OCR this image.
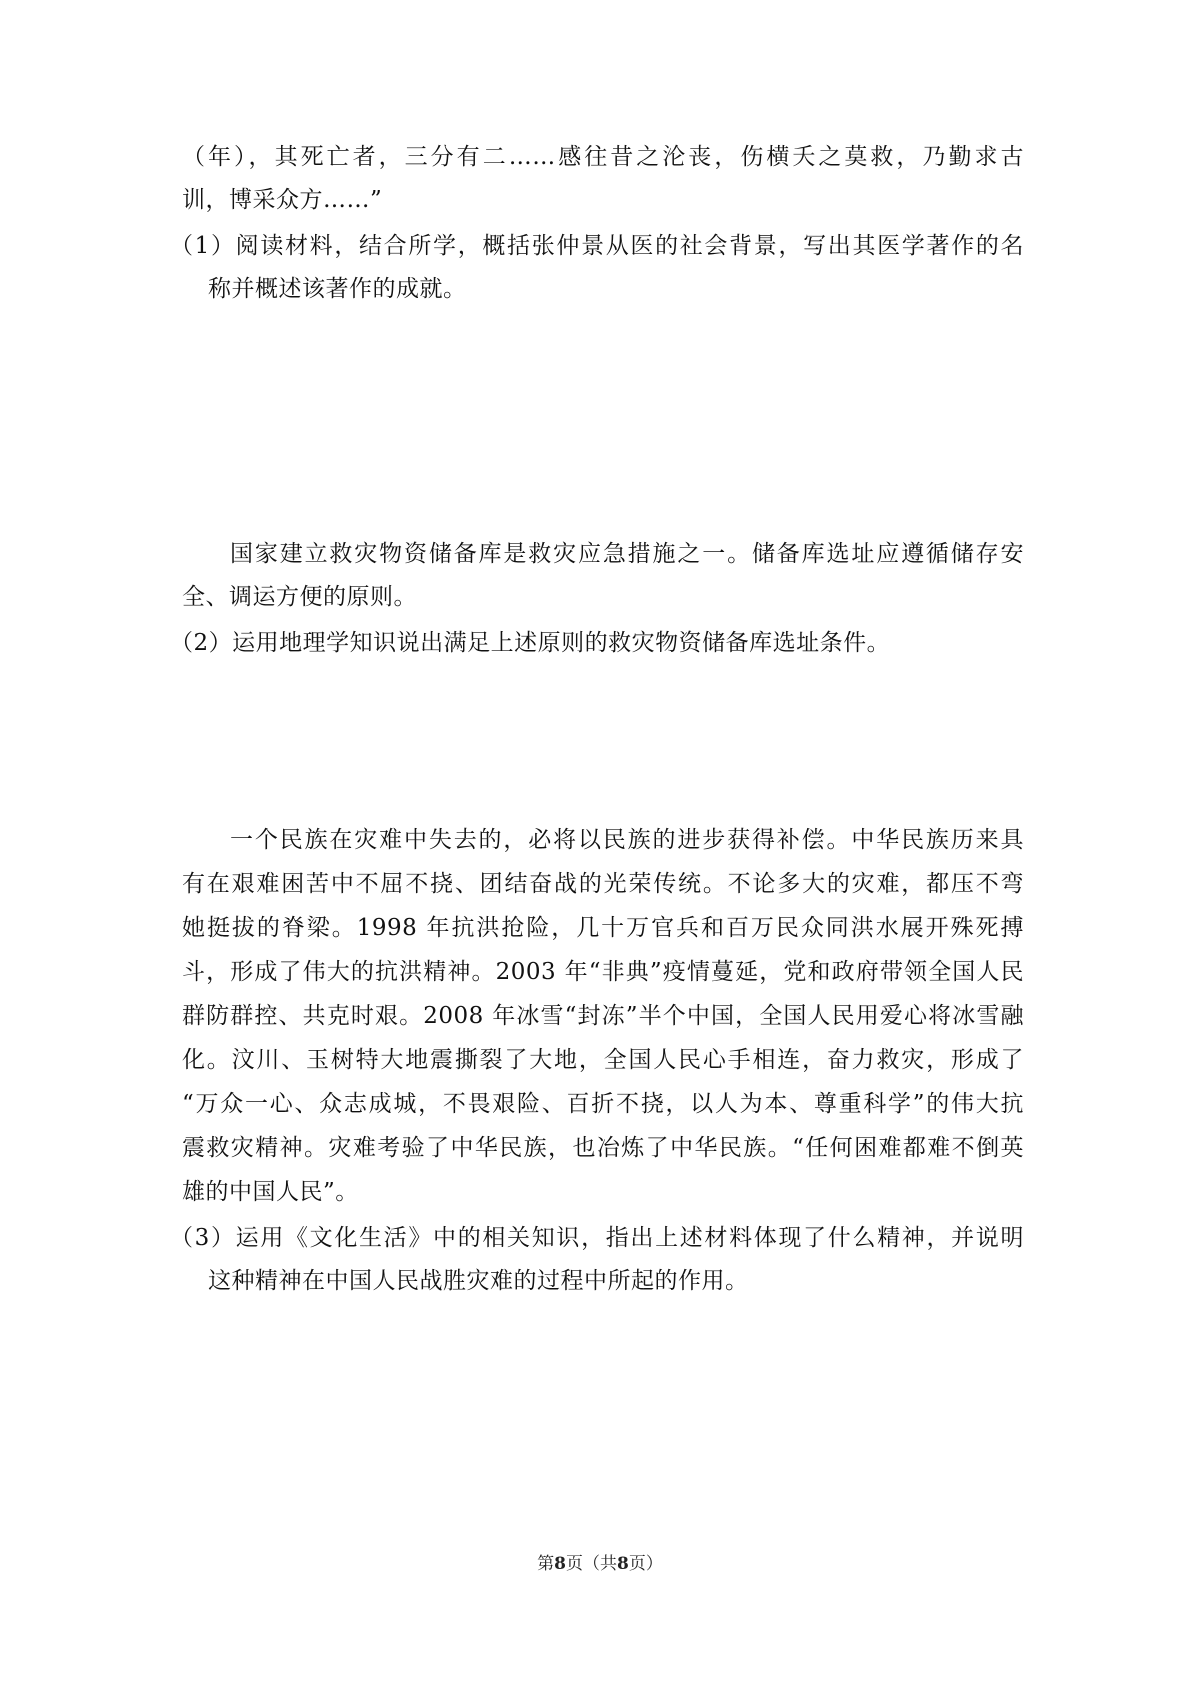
（年），其死亡者，三分有二……感往昔之沦丧，伤横夭之莫救，乃勤求古
训，博采众方……”
（1）阅读材料，结合所学，概括张仲景从医的社会背景，写出其医学著作的名
称并概述该著作的成就。
国家建立救灾物资储备库是救灾应急措施之一。储备库选址应遵循储存安
全、调运方便的原则。
（2）运用地理学知识说出满足上述原则的救灾物资储备库选址条件。
一个民族在灾难中失去的，必将以民族的进步获得补偿。中华民族历来具
有在艰难困苦中不屈不挠、团结奋战的光荣传统。不论多大的灾难，都压不弯
她挺拔的脊梁。1998 年抗洪抢险，几十万官兵和百万民众同洪水展开殊死搏
斗，形成了伟大的抗洪精神。2003 年“非典”疫情蔓延，党和政府带领全国人民
群防群控、共克时艰。2008 年冰雪“封冻”半个中国，全国人民用爱心将冰雪融
化。汶川、玉树特大地震撕裂了大地，全国人民心手相连，奋力救灾，形成了
“万众一心、众志成城，不畏艰险、百折不挠，以人为本、尊重科学”的伟大抗
震救灾精神。灾难考验了中华民族，也冶炼了中华民族。“任何困难都难不倒英
雄的中国人民”。
（3）运用《文化生活》中的相关知识，指出上述材料体现了什么精神，并说明
这种精神在中国人民战胜灾难的过程中所起的作用。
第8页（共8页）
